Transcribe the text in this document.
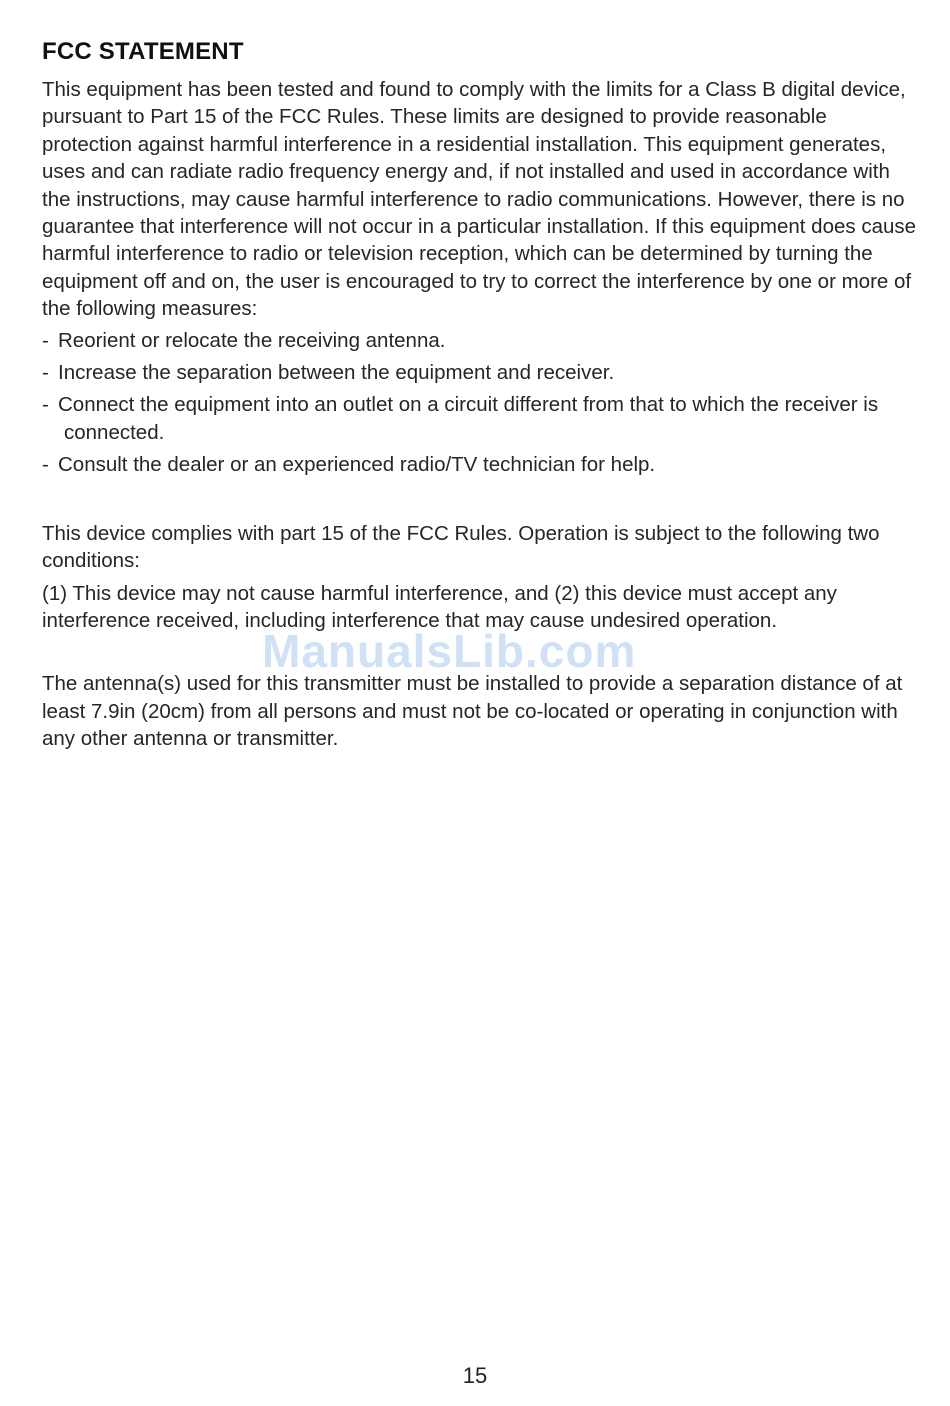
FCC STATEMENT

This equipment has been tested and found to comply with the limits for a Class B digital device, pursuant to Part 15 of the FCC Rules. These limits are designed to provide reasonable protection against harmful interference in a residential installation. This equipment generates, uses and can radiate radio frequency energy and, if not installed and used in accordance with the instructions, may cause harmful interference to radio communications. However, there is no guarantee that interference will not occur in a particular installation. If this equipment does cause harmful interference to radio or television reception, which can be determined by turning the equipment off and on, the user is encouraged to try to correct the interference by one or more of the following measures:

- Reorient or relocate the receiving antenna.
- Increase the separation between the equipment and receiver.
- Connect the equipment into an outlet on a circuit different from that to which the receiver is connected.
- Consult the dealer or an experienced radio/TV technician for help.

This device complies with part 15 of the FCC Rules. Operation is subject to the following two conditions:

(1) This device may not cause harmful interference, and (2) this device must accept any interference received, including interference that may cause undesired operation.

The antenna(s) used for this transmitter must be installed to provide a separation distance of at least 7.9in (20cm) from all persons and must not be co-located or operating in conjunction with any other antenna or transmitter.

ManualsLib.com
15
